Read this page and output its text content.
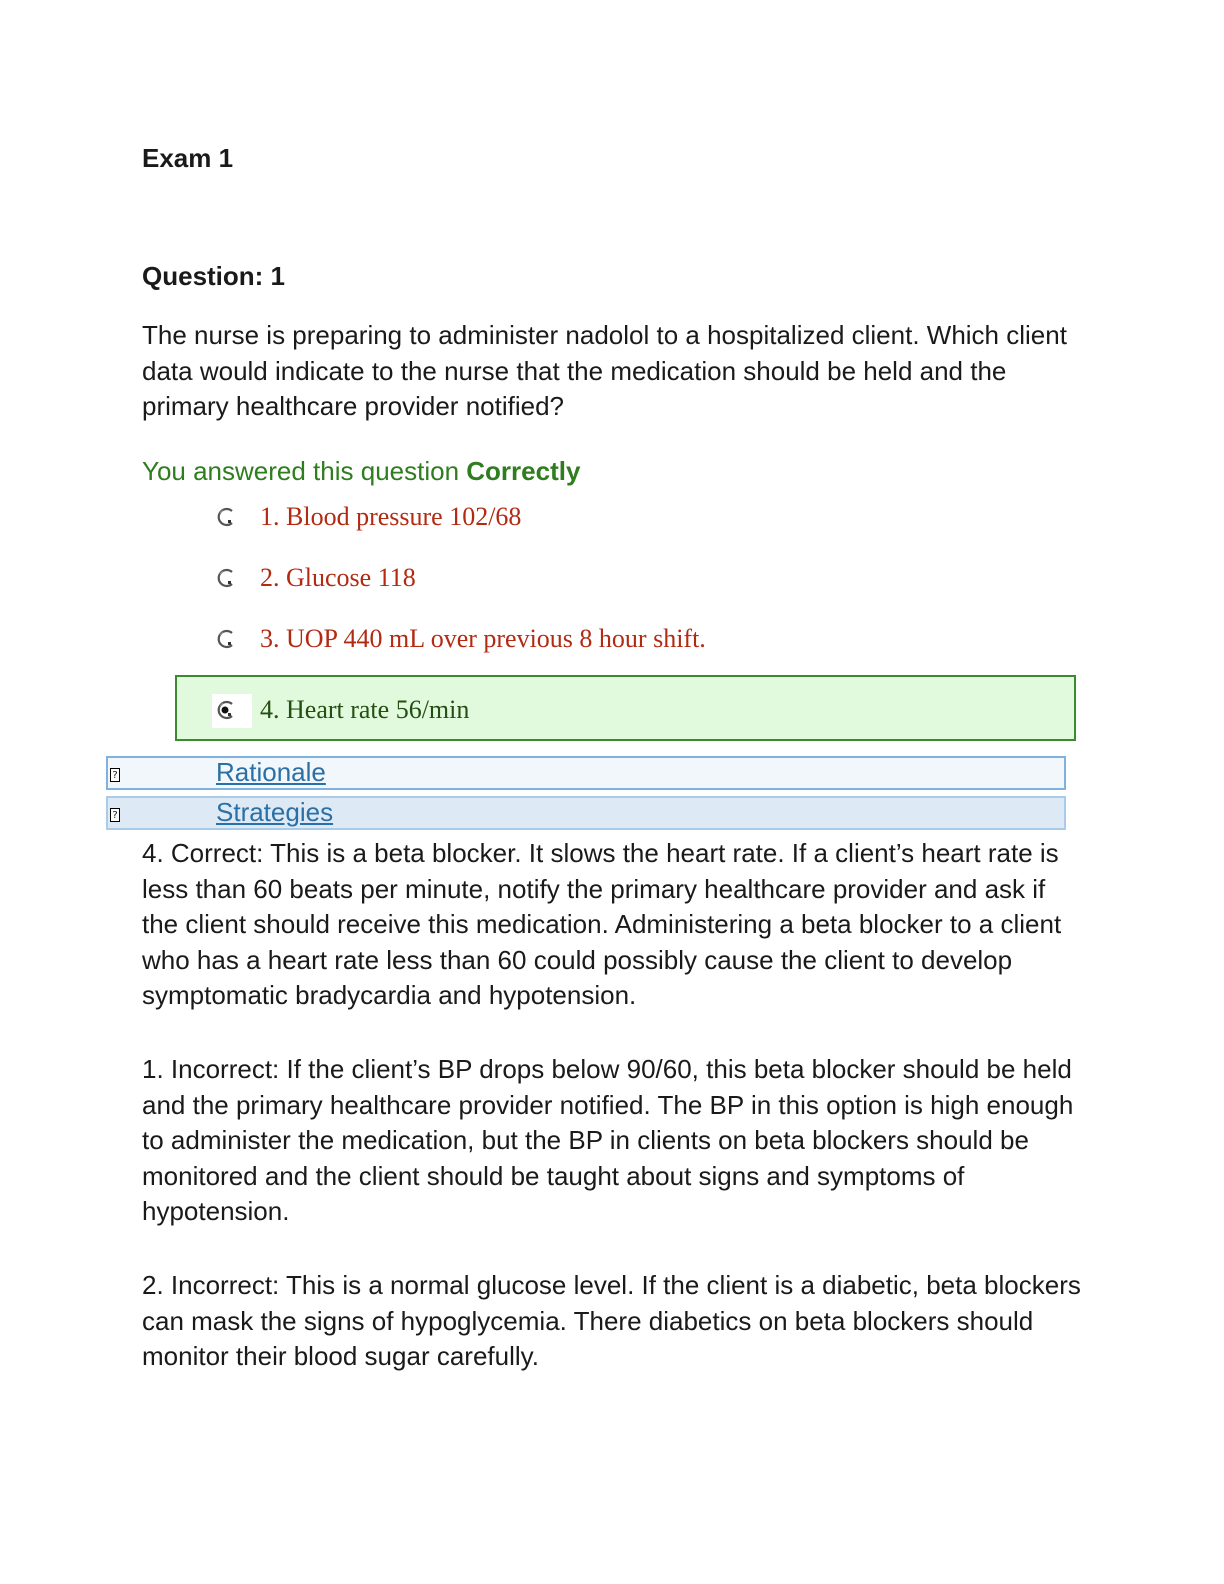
Exam 1
Question: 1
The nurse is preparing to administer nadolol to a hospitalized client. Which client data would indicate to the nurse that the medication should be held and the primary healthcare provider notified?
You answered this question Correctly
1. Blood pressure 102/68
2. Glucose 118
3. UOP 440 mL over previous 8 hour shift.
4. Heart rate 56/min
?	Rationale
?	Strategies
4. Correct: This is a beta blocker. It slows the heart rate. If a client’s heart rate is less than 60 beats per minute, notify the primary healthcare provider and ask if the client should receive this medication. Administering a beta blocker to a client who has a heart rate less than 60 could possibly cause the client to develop symptomatic bradycardia and hypotension.
1. Incorrect: If the client’s BP drops below 90/60, this beta blocker should be held and the primary healthcare provider notified. The BP in this option is high enough to administer the medication, but the BP in clients on beta blockers should be monitored and the client should be taught about signs and symptoms of hypotension.
2. Incorrect: This is a normal glucose level. If the client is a diabetic, beta blockers can mask the signs of hypoglycemia. There diabetics on beta blockers should monitor their blood sugar carefully.
